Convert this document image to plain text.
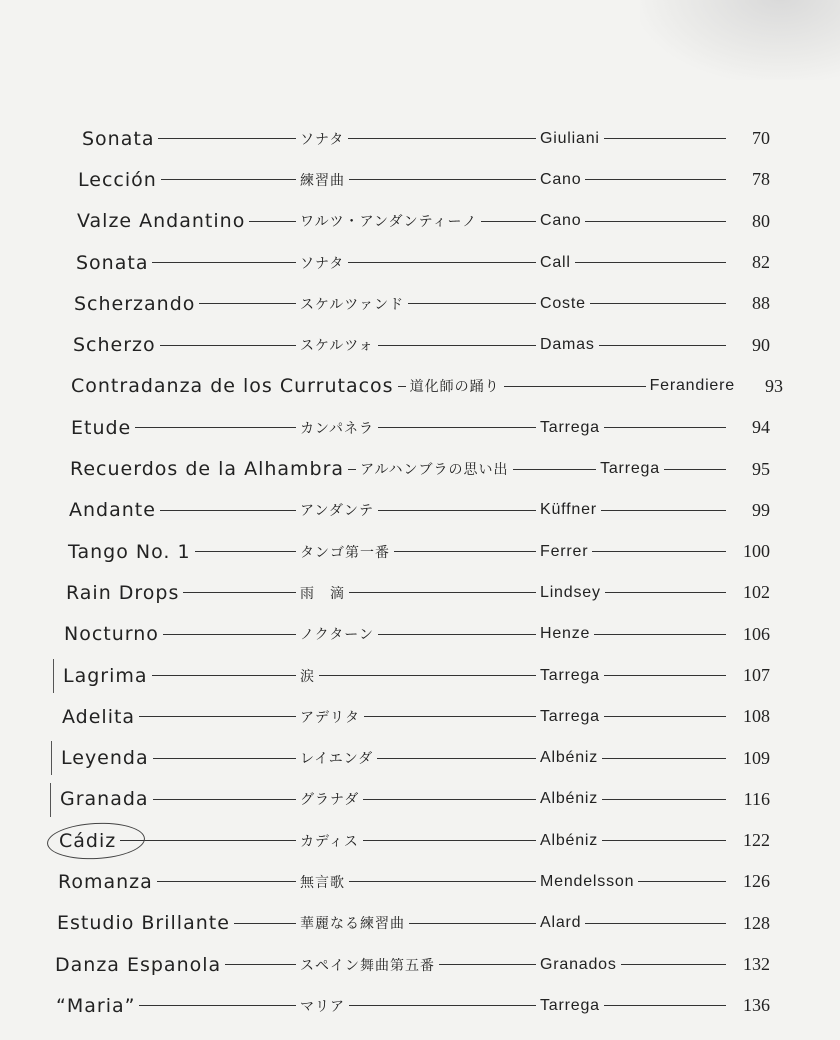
Sonata	ソナタ	Giuliani	70
Lección	練習曲	Cano	78
Valze Andantino	ワルツ・アンダンティーノ	Cano	80
Sonata	ソナタ	Call	82
Scherzando	スケルツァンド	Coste	88
Scherzo	スケルツォ	Damas	90
Contradanza de los Currutacos 道化師の踊り	Ferandiere	93
Etude	カンパネラ	Tarrega	94
Recuerdos de la Alhambra アルハンブラの思い出	Tarrega	95
Andante	アンダンテ	Küffner	99
Tango No. 1	タンゴ第一番	Ferrer	100
Rain Drops	雨　滴	Lindsey	102
Nocturno	ノクターン	Henze	106
Lagrima	涙	Tarrega	107
Adelita	アデリタ	Tarrega	108
Leyenda	レイエンダ	Albéniz	109
Granada	グラナダ	Albéniz	116
Cádiz	カディス	Albéniz	122
Romanza	無言歌	Mendelsson	126
Estudio Brillante	華麗なる練習曲	Alard	128
Danza Espanola	スペイン舞曲第五番	Granados	132
“Maria”	マリア	Tarrega	136
